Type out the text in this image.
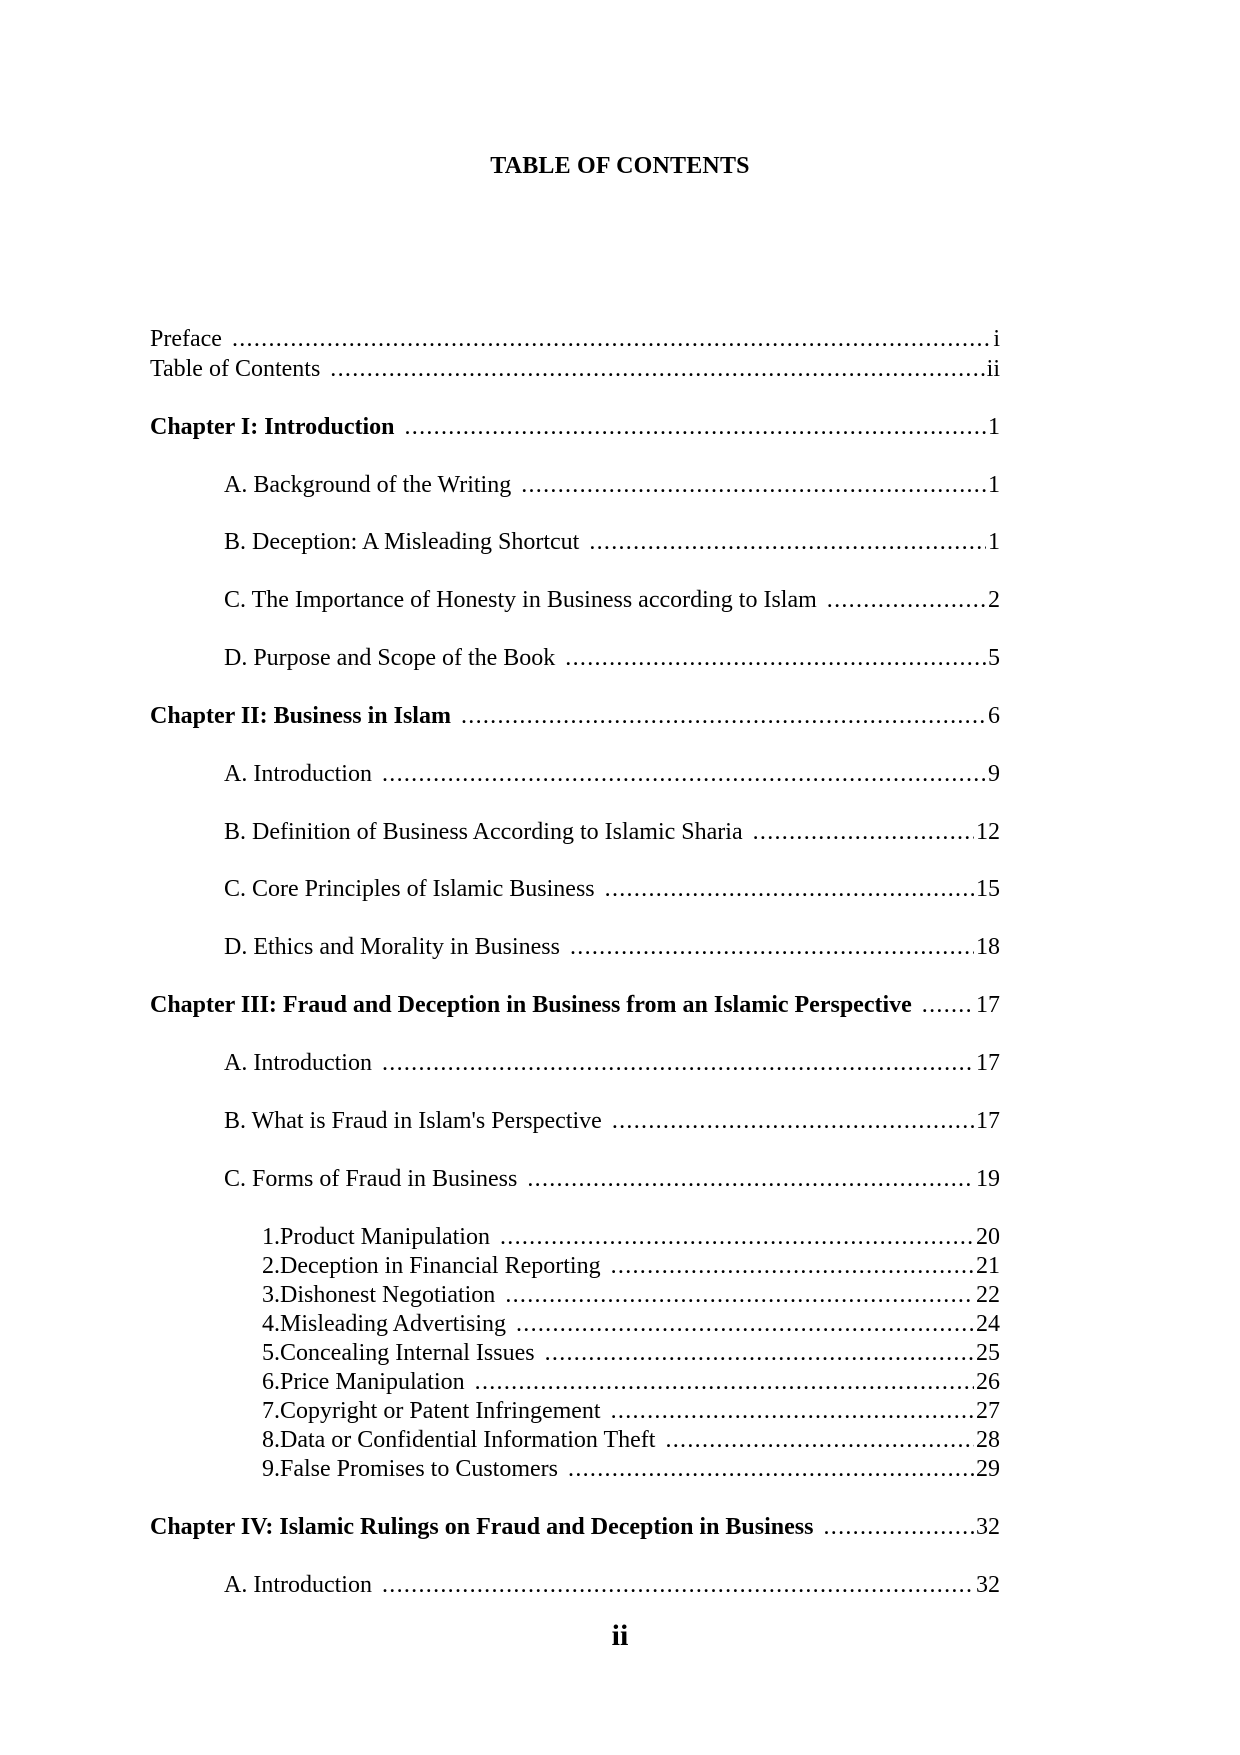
TABLE OF CONTENTS
Preface .....	i
Table of Contents .....	ii
Chapter I: Introduction .....	1
A. Background of the Writing .....	1
B. Deception: A Misleading Shortcut .....	1
C. The Importance of Honesty in Business according to Islam .....	2
D. Purpose and Scope of the Book .....	5
Chapter II: Business in Islam .....	6
A. Introduction .....	9
B. Definition of Business According to Islamic Sharia .....	12
C. Core Principles of Islamic Business .....	15
D. Ethics and Morality in Business .....	18
Chapter III: Fraud and Deception in Business from an Islamic Perspective .....	17
A. Introduction .....	17
B. What is Fraud in Islam's Perspective .....	17
C. Forms of Fraud in Business .....	19
1. Product Manipulation .....	20
2. Deception in Financial Reporting .....	21
3. Dishonest Negotiation .....	22
4. Misleading Advertising .....	24
5. Concealing Internal Issues .....	25
6. Price Manipulation .....	26
7. Copyright or Patent Infringement .....	27
8. Data or Confidential Information Theft .....	28
9. False Promises to Customers .....	29
Chapter IV: Islamic Rulings on Fraud and Deception in Business .....	32
A. Introduction .....	32
ii
